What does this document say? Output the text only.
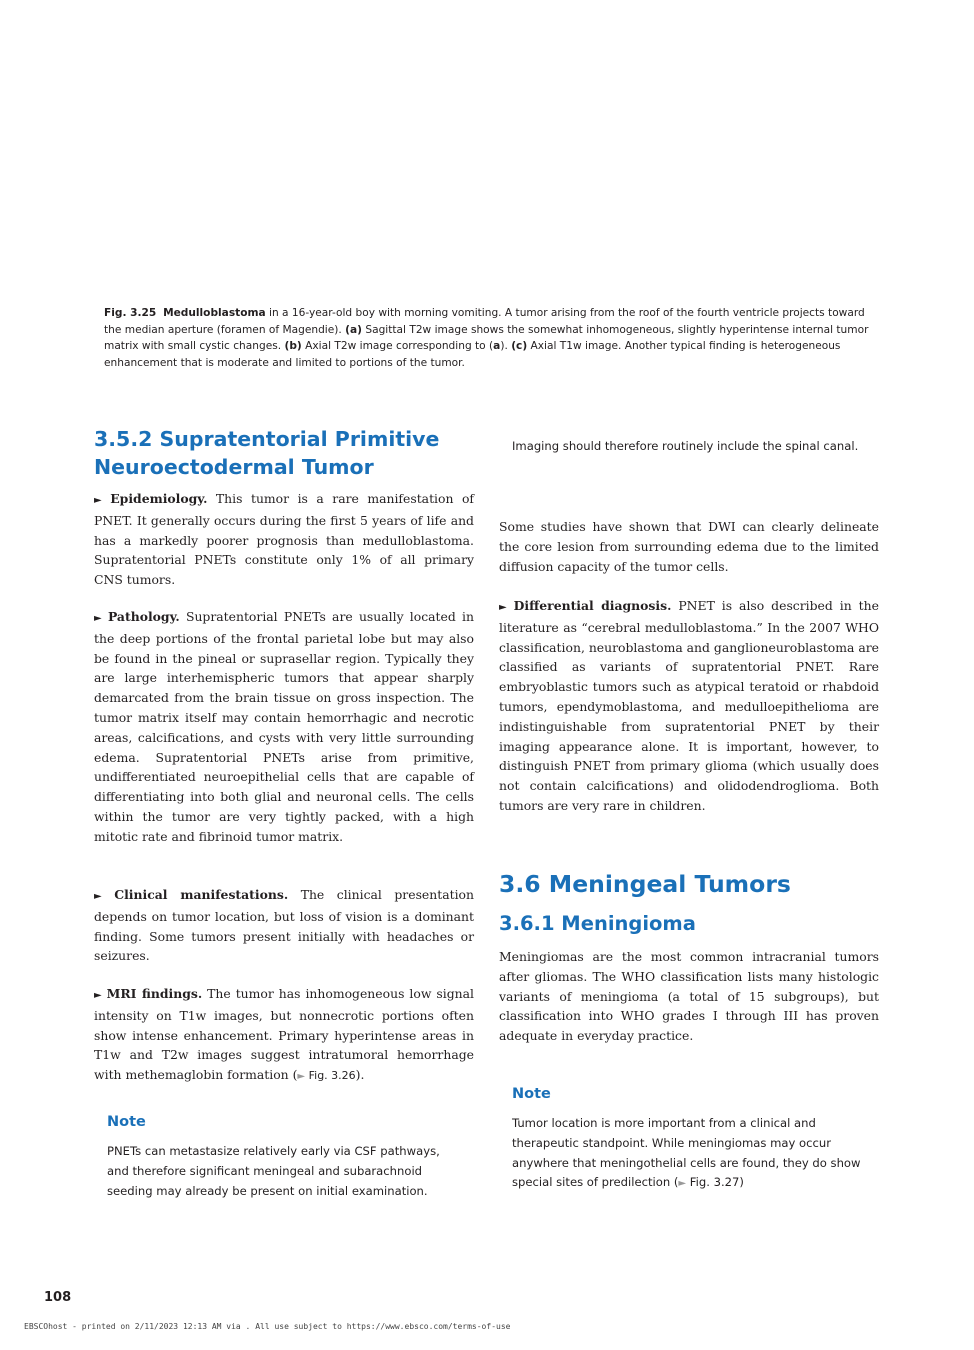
Fig. 3.25 Medulloblastoma in a 16-year-old boy with morning vomiting. A tumor arising from the roof of the fourth ventricle projects toward the median aperture (foramen of Magendie). (a) Sagittal T2w image shows the somewhat inhomogeneous, slightly hyperintense internal tumor matrix with small cystic changes. (b) Axial T2w image corresponding to (a). (c) Axial T1w image. Another typical finding is heterogeneous enhancement that is moderate and limited to portions of the tumor.
3.5.2 Supratentorial Primitive
Neuroectodermal Tumor
► Epidemiology. This tumor is a rare manifestation of PNET. It generally occurs during the first 5 years of life and has a markedly poorer prognosis than medulloblastoma. Supratentorial PNETs constitute only 1% of all primary CNS tumors.
► Pathology. Supratentorial PNETs are usually located in the deep portions of the frontal parietal lobe but may also be found in the pineal or suprasellar region. Typically they are large interhemispheric tumors that appear sharply demarcated from the brain tissue on gross inspection. The tumor matrix itself may contain hemorrhagic and necrotic areas, calcifications, and cysts with very little surrounding edema. Supratentorial PNETs arise from primitive, undifferentiated neuroepithelial cells that are capable of differentiating into both glial and neuronal cells. The cells within the tumor are very tightly packed, with a high mitotic rate and fibrinoid tumor matrix.
► Clinical manifestations. The clinical presentation depends on tumor location, but loss of vision is a dominant finding. Some tumors present initially with headaches or seizures.
► MRI findings. The tumor has inhomogeneous low signal intensity on T1w images, but nonnecrotic portions often show intense enhancement. Primary hyperintense areas in T1w and T2w images suggest intratumoral hemorrhage with methemaglobin formation (► Fig. 3.26).
Note
PNETs can metastasize relatively early via CSF pathways, and therefore significant meningeal and subarachnoid seeding may already be present on initial examination.
Imaging should therefore routinely include the spinal canal.
Some studies have shown that DWI can clearly delineate the core lesion from surrounding edema due to the limited diffusion capacity of the tumor cells.
► Differential diagnosis. PNET is also described in the literature as “cerebral medulloblastoma.” In the 2007 WHO classification, neuroblastoma and ganglioneuroblastoma are classified as variants of supratentorial PNET. Rare embryoblastic tumors such as atypical teratoid or rhabdoid tumors, ependymoblastoma, and medulloepithelioma are indistinguishable from supratentorial PNET by their imaging appearance alone. It is important, however, to distinguish PNET from primary glioma (which usually does not contain calcifications) and olidodendroglioma. Both tumors are very rare in children.
3.6 Meningeal Tumors
3.6.1 Meningioma
Meningiomas are the most common intracranial tumors after gliomas. The WHO classification lists many histologic variants of meningioma (a total of 15 subgroups), but classification into WHO grades I through III has proven adequate in everyday practice.
Note
Tumor location is more important from a clinical and therapeutic standpoint. While meningiomas may occur anywhere that meningothelial cells are found, they do show special sites of predilection (► Fig. 3.27)
108
EBSCOhost - printed on 2/11/2023 12:13 AM via . All use subject to https://www.ebsco.com/terms-of-use
